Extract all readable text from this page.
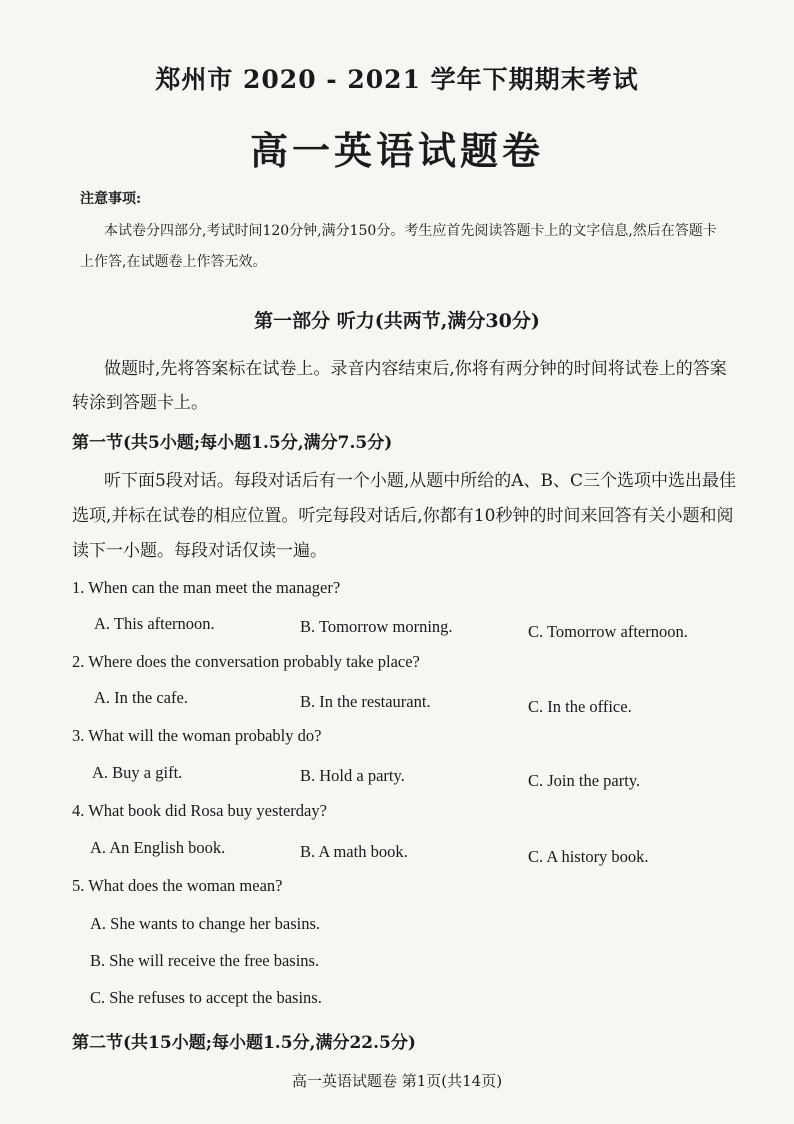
郑州市 2020 - 2021 学年下期期末考试
高一英语试题卷
注意事项:
本试卷分四部分,考试时间120分钟,满分150分。考生应首先阅读答题卡上的文字信息,然后在答题卡上作答,在试题卷上作答无效。
第一部分 听力(共两节,满分30分)
做题时,先将答案标在试卷上。录音内容结束后,你将有两分钟的时间将试卷上的答案转涂到答题卡上。
第一节(共5小题;每小题1.5分,满分7.5分)
听下面5段对话。每段对话后有一个小题,从题中所给的A、B、C三个选项中选出最佳选项,并标在试卷的相应位置。听完每段对话后,你都有10秒钟的时间来回答有关小题和阅读下一小题。每段对话仅读一遍。
1. When can the man meet the manager?
A. This afternoon.	B. Tomorrow morning.	C. Tomorrow afternoon.
2. Where does the conversation probably take place?
A. In the cafe.	B. In the restaurant.	C. In the office.
3. What will the woman probably do?
A. Buy a gift.	B. Hold a party.	C. Join the party.
4. What book did Rosa buy yesterday?
A. An English book.	B. A math book.	C. A history book.
5. What does the woman mean?
A. She wants to change her basins.
B. She will receive the free basins.
C. She refuses to accept the basins.
第二节(共15小题;每小题1.5分,满分22.5分)
高一英语试题卷 第1页(共14页)
